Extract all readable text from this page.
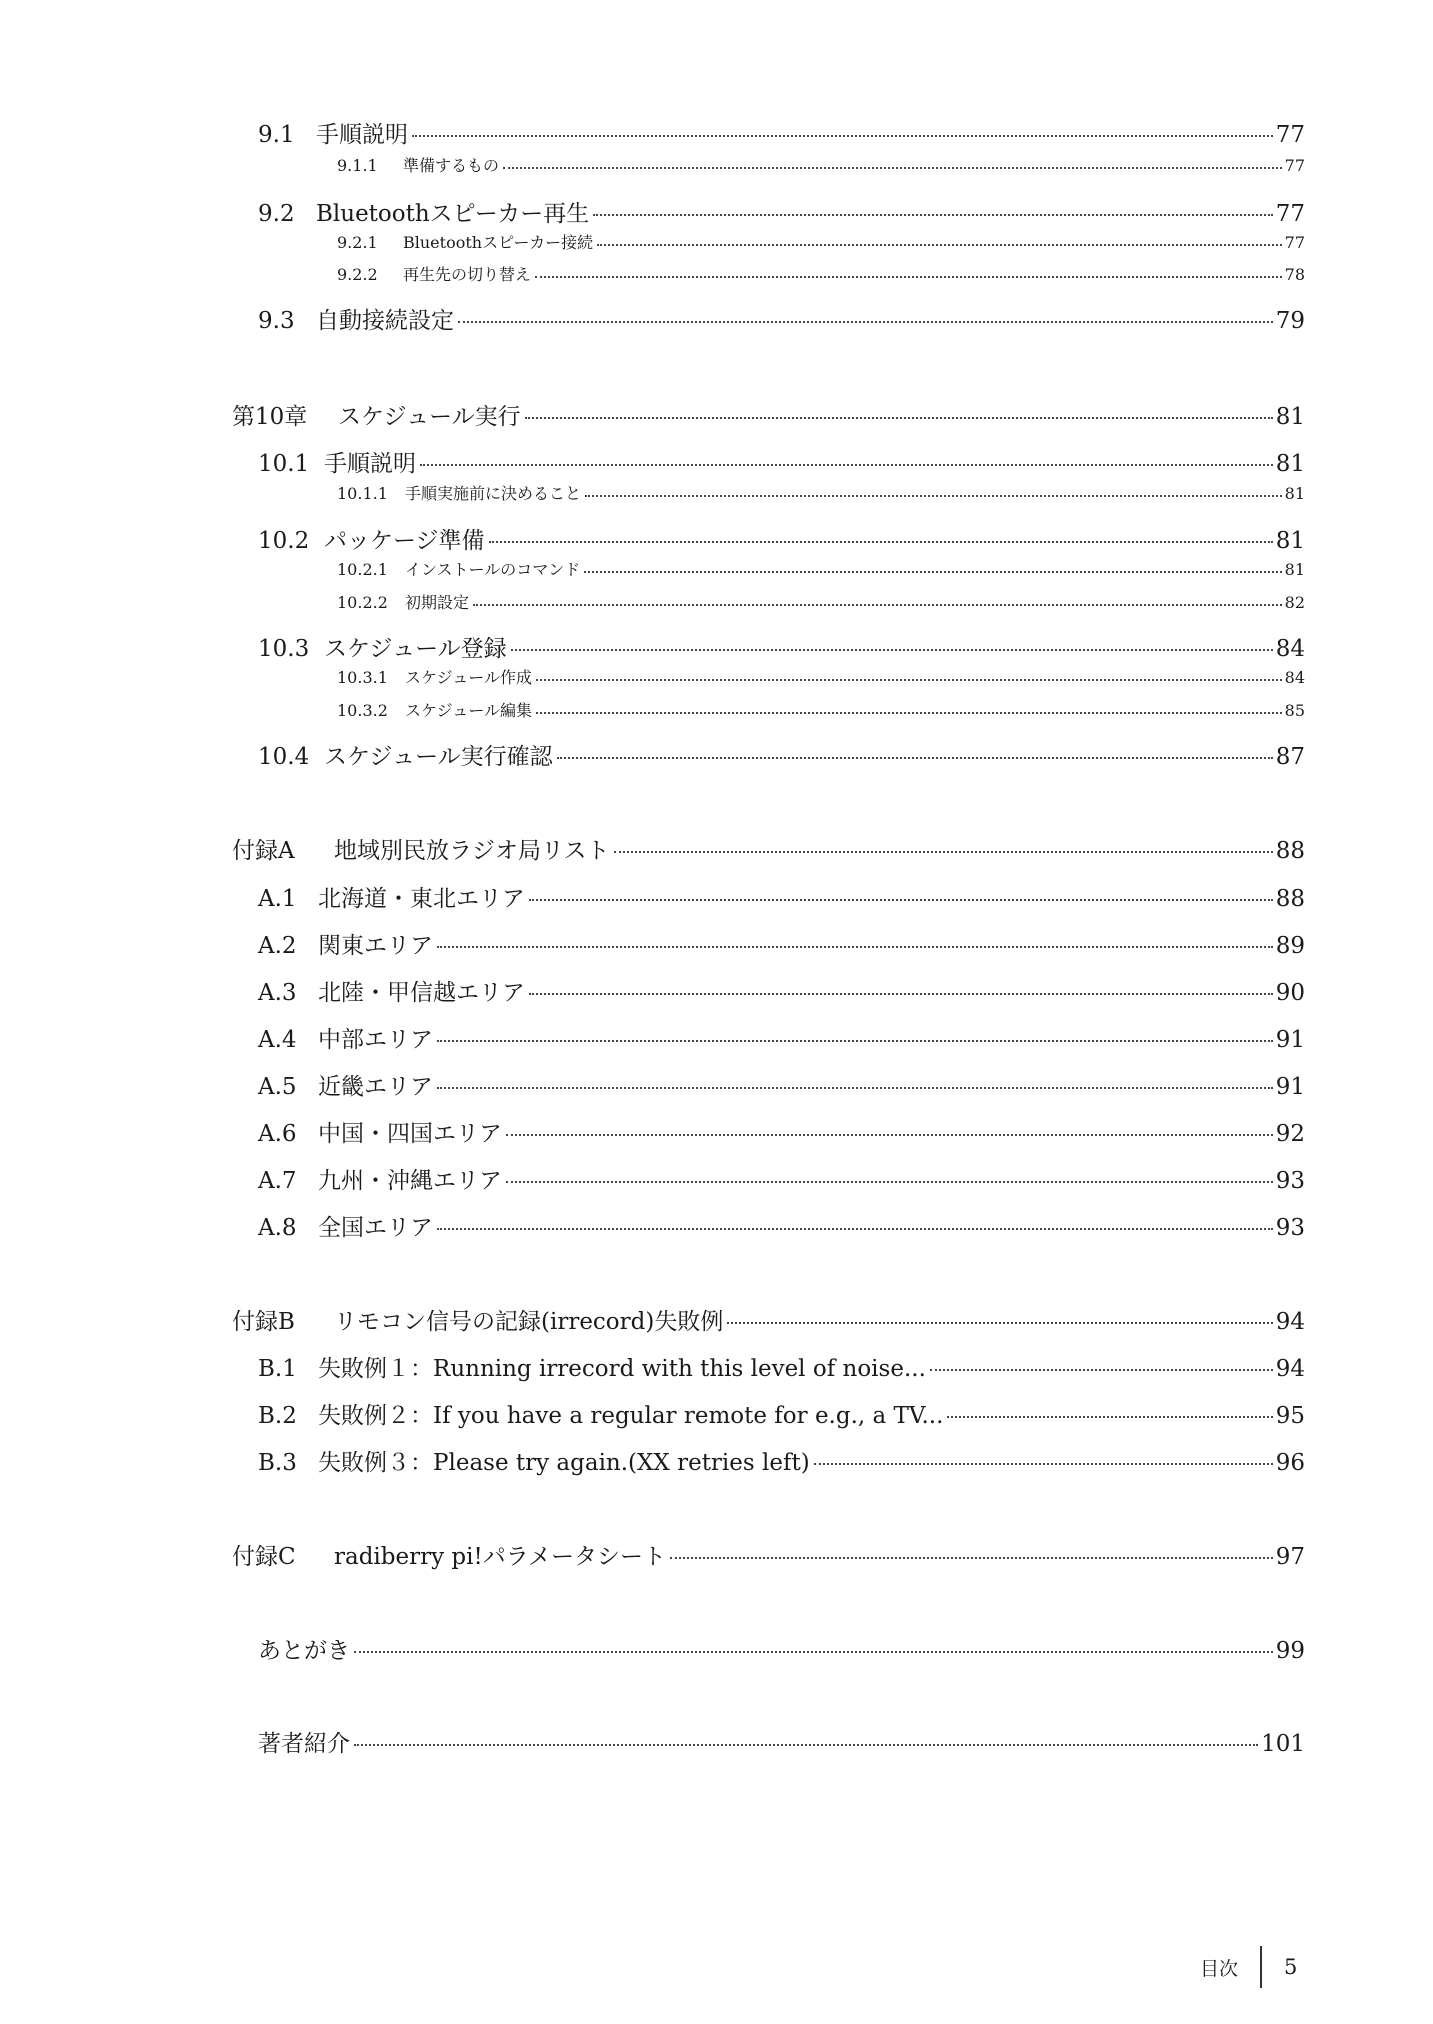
9.1 手順説明	77
9.1.1	準備するもの	77
9.2 Bluetoothスピーカー再生	77
9.2.1	Bluetoothスピーカー接続	77
9.2.2	再生先の切り替え	78
9.3 自動接続設定	79
第10章	スケジュール実行	81
10.1 手順説明	81
10.1.1	手順実施前に決めること	81
10.2 パッケージ準備	81
10.2.1	インストールのコマンド	81
10.2.2	初期設定	82
10.3 スケジュール登録	84
10.3.1	スケジュール作成	84
10.3.2	スケジュール編集	85
10.4 スケジュール実行確認	87
付録A	地域別民放ラジオ局リスト	88
A.1 北海道・東北エリア	88
A.2 関東エリア	89
A.3 北陸・甲信越エリア	90
A.4 中部エリア	91
A.5 近畿エリア	91
A.6 中国・四国エリア	92
A.7 九州・沖縄エリア	93
A.8 全国エリア	93
付録B	リモコン信号の記録(irrecord)失敗例	94
B.1 失敗例１：Running irrecord with this level of noise...	94
B.2 失敗例２：If you have a regular remote for e.g., a TV...	95
B.3 失敗例３：Please try again.(XX retries left)	96
付録C	radiberry pi!パラメータシート	97
あとがき	99
著者紹介	101
目次 5
